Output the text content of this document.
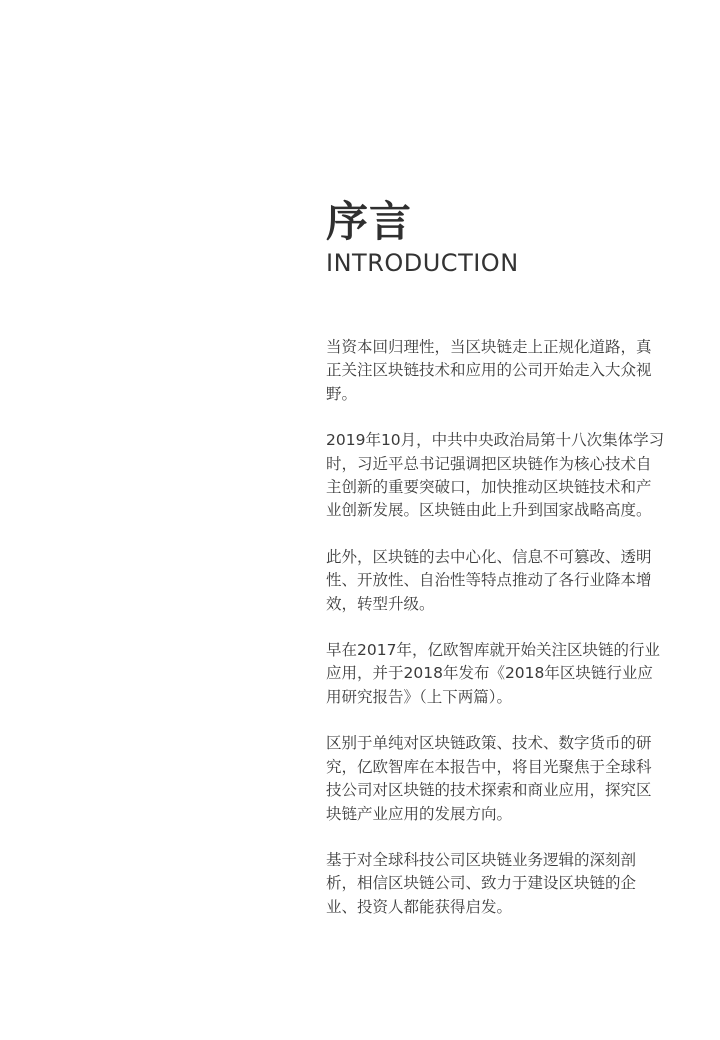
序言
INTRODUCTION

当资本回归理性，当区块链走上正规化道路，真正关注区块链技术和应用的公司开始走入大众视野。

2019年10月，中共中央政治局第十八次集体学习时，习近平总书记强调把区块链作为核心技术自主创新的重要突破口，加快推动区块链技术和产业创新发展。区块链由此上升到国家战略高度。

此外，区块链的去中心化、信息不可篡改、透明性、开放性、自治性等特点推动了各行业降本增效，转型升级。

早在2017年，亿欧智库就开始关注区块链的行业应用，并于2018年发布《2018年区块链行业应用研究报告》（上下两篇）。

区别于单纯对区块链政策、技术、数字货币的研究，亿欧智库在本报告中，将目光聚焦于全球科技公司对区块链的技术探索和商业应用，探究区块链产业应用的发展方向。

基于对全球科技公司区块链业务逻辑的深刻剖析，相信区块链公司、致力于建设区块链的企业、投资人都能获得启发。
